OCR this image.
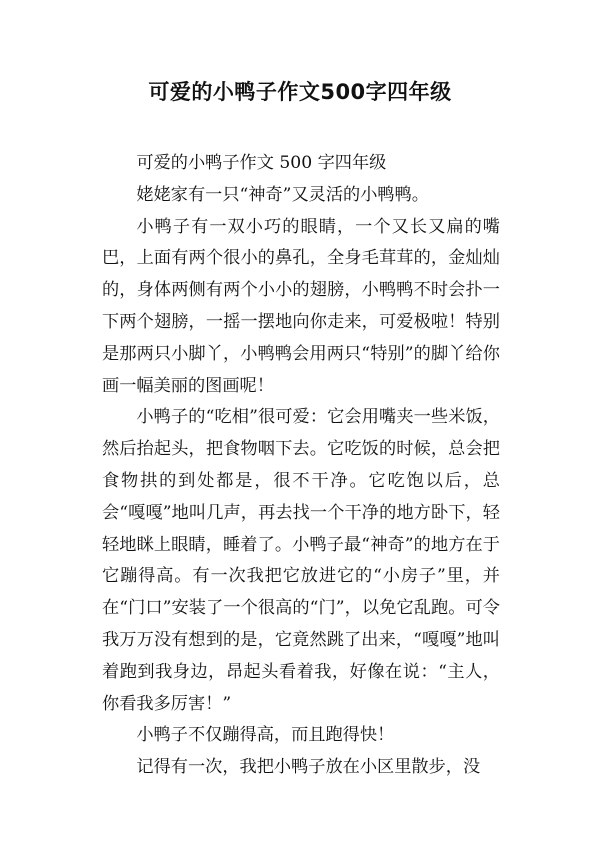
可爱的小鸭子作文500字四年级

可爱的小鸭子作文 500 字四年级

姥姥家有一只“神奇”又灵活的小鸭鸭。

小鸭子有一双小巧的眼睛，一个又长又扁的嘴巴，上面有两个很小的鼻孔，全身毛茸茸的，金灿灿的，身体两侧有两个小小的翅膀，小鸭鸭不时会扑一下两个翅膀，一摇一摆地向你走来，可爱极啦！特别是那两只小脚丫，小鸭鸭会用两只“特别”的脚丫给你画一幅美丽的图画呢！

小鸭子的“吃相”很可爱：它会用嘴夹一些米饭，然后抬起头，把食物咽下去。它吃饭的时候，总会把食物拱的到处都是，很不干净。它吃饱以后，总会“嘎嘎”地叫几声，再去找一个干净的地方卧下，轻轻地眯上眼睛，睡着了。小鸭子最“神奇”的地方在于它蹦得高。有一次我把它放进它的“小房子”里，并在“门口”安装了一个很高的“门”，以免它乱跑。可令我万万没有想到的是，它竟然跳了出来，“嘎嘎”地叫着跑到我身边，昂起头看着我，好像在说：“主人，你看我多厉害！”

小鸭子不仅蹦得高，而且跑得快！

记得有一次，我把小鸭子放在小区里散步，没
